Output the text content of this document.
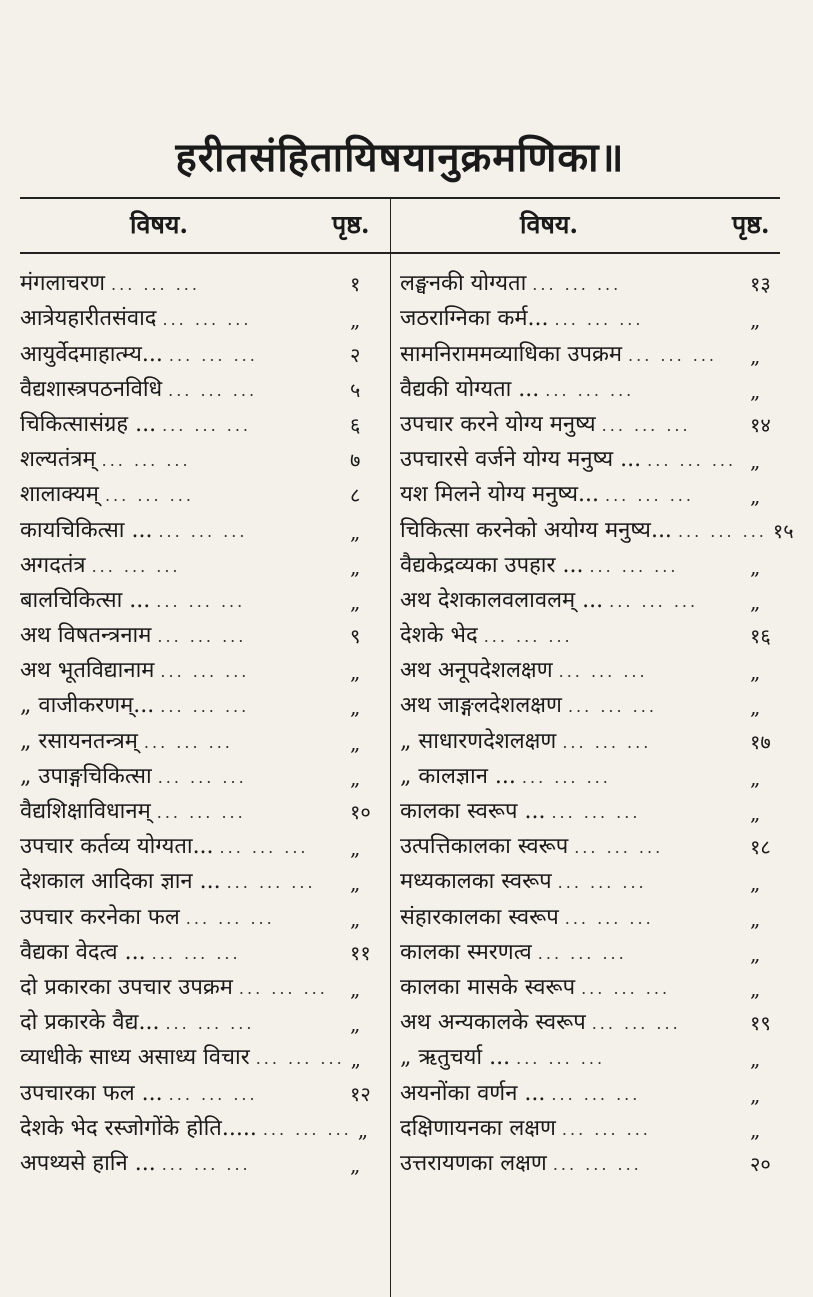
हरीतसंहितायिषयानुक्रमणिका॥
विषय.	पृष्ठ.	विषय.	पृष्ठ.
मंगलाचरण ... ... ...	१
आत्रेयहारीतसंवाद ... ... ...	„
आयुर्वेदमाहात्म्य... ... ... ...	२
वैद्यशास्त्रपठनविधि ... ... ...	५
चिकित्सासंग्रह ... ... ... ...	६
शल्यतंत्रम् ... ... ...	७
शालाक्यम् ... ... ...	८
कायचिकित्सा ... ... ... ...	„
अगदतंत्र ... ... ...	„
बालचिकित्सा ... ... ... ...	„
अथ विषतन्त्रनाम ... ... ...	९
अथ भूतविद्यानाम ... ... ...	„
„ वाजीकरणम्... ... ... ...	„
„ रसायनतन्त्रम् ... ... ...	„
„ उपाङ्गचिकित्सा ... ... ...	„
वैद्यशिक्षाविधानम् ... ... ...	१०
उपचार कर्तव्य योग्यता... ... ... ...	„
देशकाल आदिका ज्ञान ... ... ... ...	„
उपचार करनेका फल ... ... ...	„
वैद्यका वेदत्व ... ... ... ...	११
दो प्रकारका उपचार उपक्रम ... ... ...	„
दो प्रकारके वैद्य... ... ... ...	„
व्याधीके साध्य असाध्य विचार ... ... ... „
उपचारका फल ... ... ... ...	१२
देशके भेद रस्जोगोंके होति..... ... ... ... „
अपथ्यसे हानि ... ... ... ...	„
लङ्घनकी योग्यता ... ... ...	१३
जठराग्निका कर्म... ... ... ...	„
सामनिराममव्याधिका उपक्रम ... ... ...	„
वैद्यकी योग्यता ... ... ... ...	„
उपचार करने योग्य मनुष्य ... ... ...	१४
उपचारसे वर्जने योग्य मनुष्य ... ... ... ... „
यश मिलने योग्य मनुष्य... ... ... ...	„
चिकित्सा करनेको अयोग्य मनुष्य... ... ... ... १५
वैद्यकेद्रव्यका उपहार ... ... ... ...	„
अथ देशकालवलावलम् ... ... ... ...	„
देशके भेद ... ... ...	१६
अथ अनूपदेशलक्षण ... ... ...	„
अथ जाङ्गलदेशलक्षण ... ... ...	„
„ साधारणदेशलक्षण ... ... ...	१७
„ कालज्ञान ... ... ... ...	„
कालका स्वरूप ... ... ... ...	„
उत्पत्तिकालका स्वरूप ... ... ...	१८
मध्यकालका स्वरूप ... ... ...	„
संहारकालका स्वरूप ... ... ...	„
कालका स्मरणत्व ... ... ...	„
कालका मासके स्वरूप ... ... ...	„
अथ अन्यकालके स्वरूप ... ... ...	१९
„ ऋतुचर्या ... ... ... ...	„
अयनोंका वर्णन ... ... ... ...	„
दक्षिणायनका लक्षण ... ... ...	„
उत्तरायणका लक्षण ... ... ...	२०
